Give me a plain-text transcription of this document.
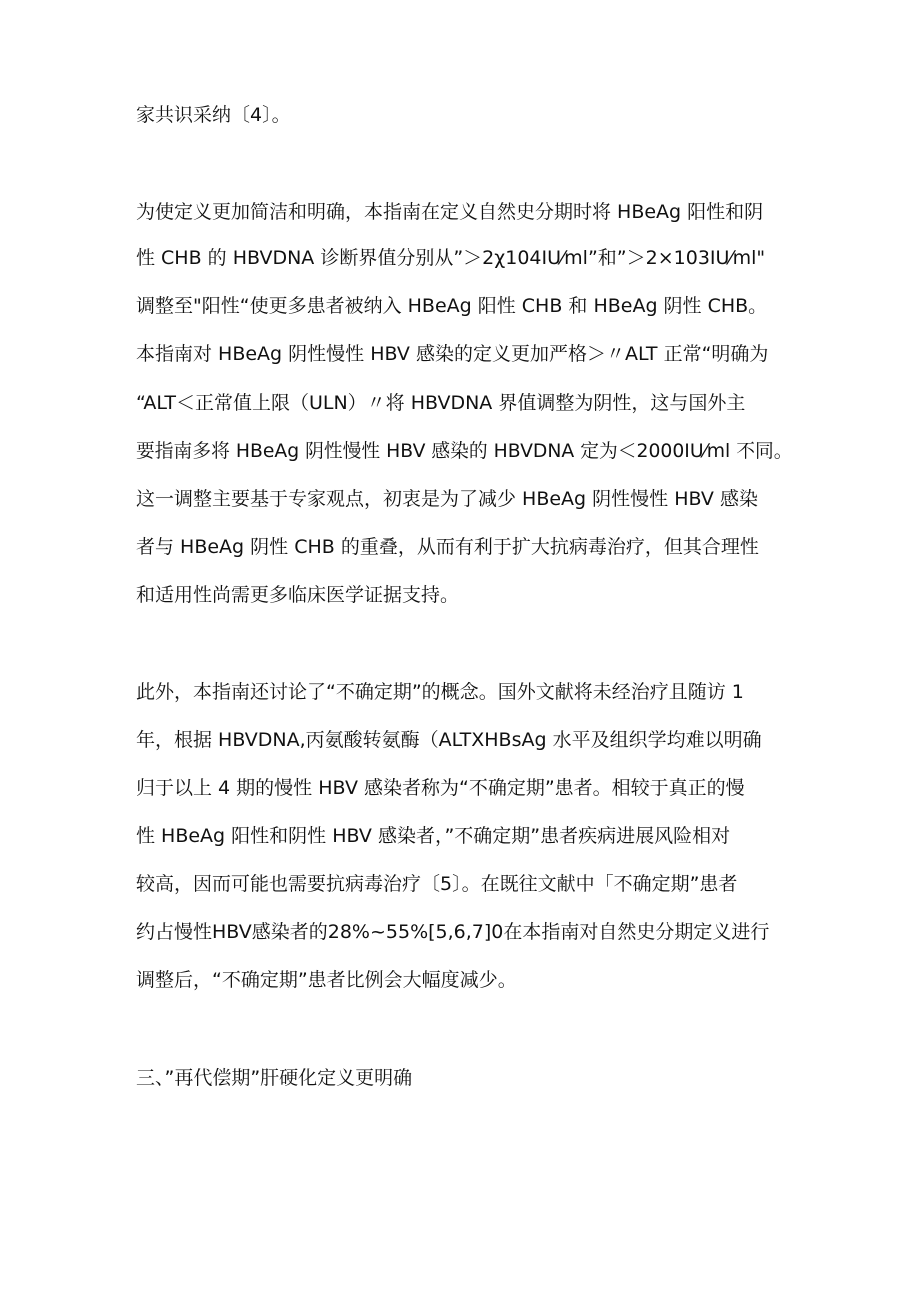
家共识采纳〔4〕。
为使定义更加简洁和明确，本指南在定义自然史分期时将 HBeAg 阳性和阴
性 CHB 的 HBVDNA 诊断界值分别从”＞2χ104IU⁄ml”和”＞2×103IU⁄ml"
调整至"阳性“使更多患者被纳入 HBeAg 阳性 CHB 和 HBeAg 阴性 CHB。
本指南对 HBeAg 阴性慢性 HBV 感染的定义更加严格＞〃ALT 正常“明确为
“ALT＜正常值上限（ULN）〃将 HBVDNA 界值调整为阴性，这与国外主
要指南多将 HBeAg 阴性慢性 HBV 感染的 HBVDNA 定为＜2000IU⁄ml 不同。
这一调整主要基于专家观点，初衷是为了减少 HBeAg 阴性慢性 HBV 感染
者与 HBeAg 阴性 CHB 的重叠，从而有利于扩大抗病毒治疗，但其合理性
和适用性尚需更多临床医学证据支持。
此外，本指南还讨论了“不确定期”的概念。国外文献将未经治疗且随访 1
年，根据 HBVDNA,丙氨酸转氨酶（ALTXHBsAg 水平及组织学均难以明确
归于以上 4 期的慢性 HBV 感染者称为“不确定期”患者。相较于真正的慢
性 HBeAg 阳性和阴性 HBV 感染者，”不确定期”患者疾病进展风险相对
较高，因而可能也需要抗病毒治疗〔5〕。在既往文献中「不确定期”患者
约占慢性HBV感染者的28%~55%[5,6,7]0在本指南对自然史分期定义进行
调整后，“不确定期”患者比例会大幅度减少。
三、”再代偿期”肝硬化定义更明确
